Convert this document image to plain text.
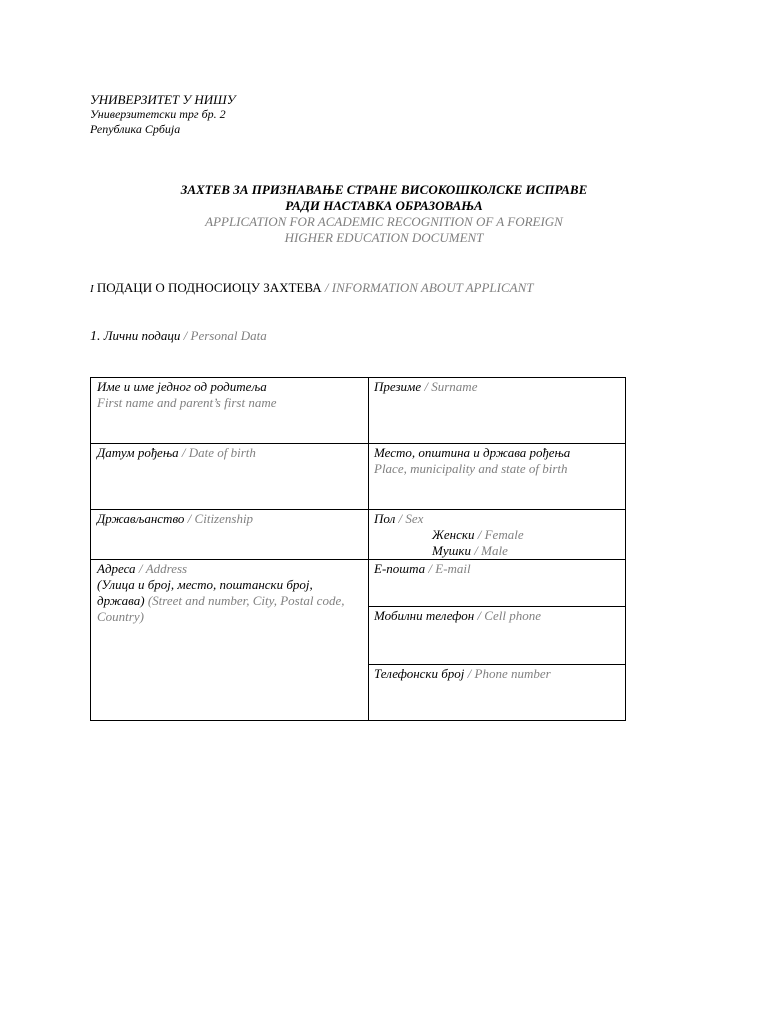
УНИВЕРЗИТЕТ У НИШУ
Универзитетски трг бр. 2
Република Србија
ЗАХТЕВ ЗА ПРИЗНАВАЊЕ СТРАНЕ ВИСОКОШКОЛСКЕ ИСПРАВЕ
РАДИ НАСТАВКА ОБРАЗОВАЊА
APPLICATION FOR ACADEMIC RECOGNITION OF A FOREIGN
HIGHER EDUCATION DOCUMENT
I ПОДАЦИ О ПОДНОСИОЦУ ЗАХТЕВА / INFORMATION ABOUT APPLICANT
1. Лични подаци / Personal Data
Име и име једног од родитеља
First name and parent’s first name
Презиме / Surname
Датум рођења / Date of birth	Место, општина и држава рођења
Place, municipality and state of birth
Држављанство / Citizenship	Пол / Sex
Женски / Female
Мушки / Male
Адреса / Address
(Улица и број, место, поштански број, држава) (Street and number, City, Postal code, Country)
Е-пошта / E-mail
Мобилни телефон / Cell phone
Телефонски број / Phone number
